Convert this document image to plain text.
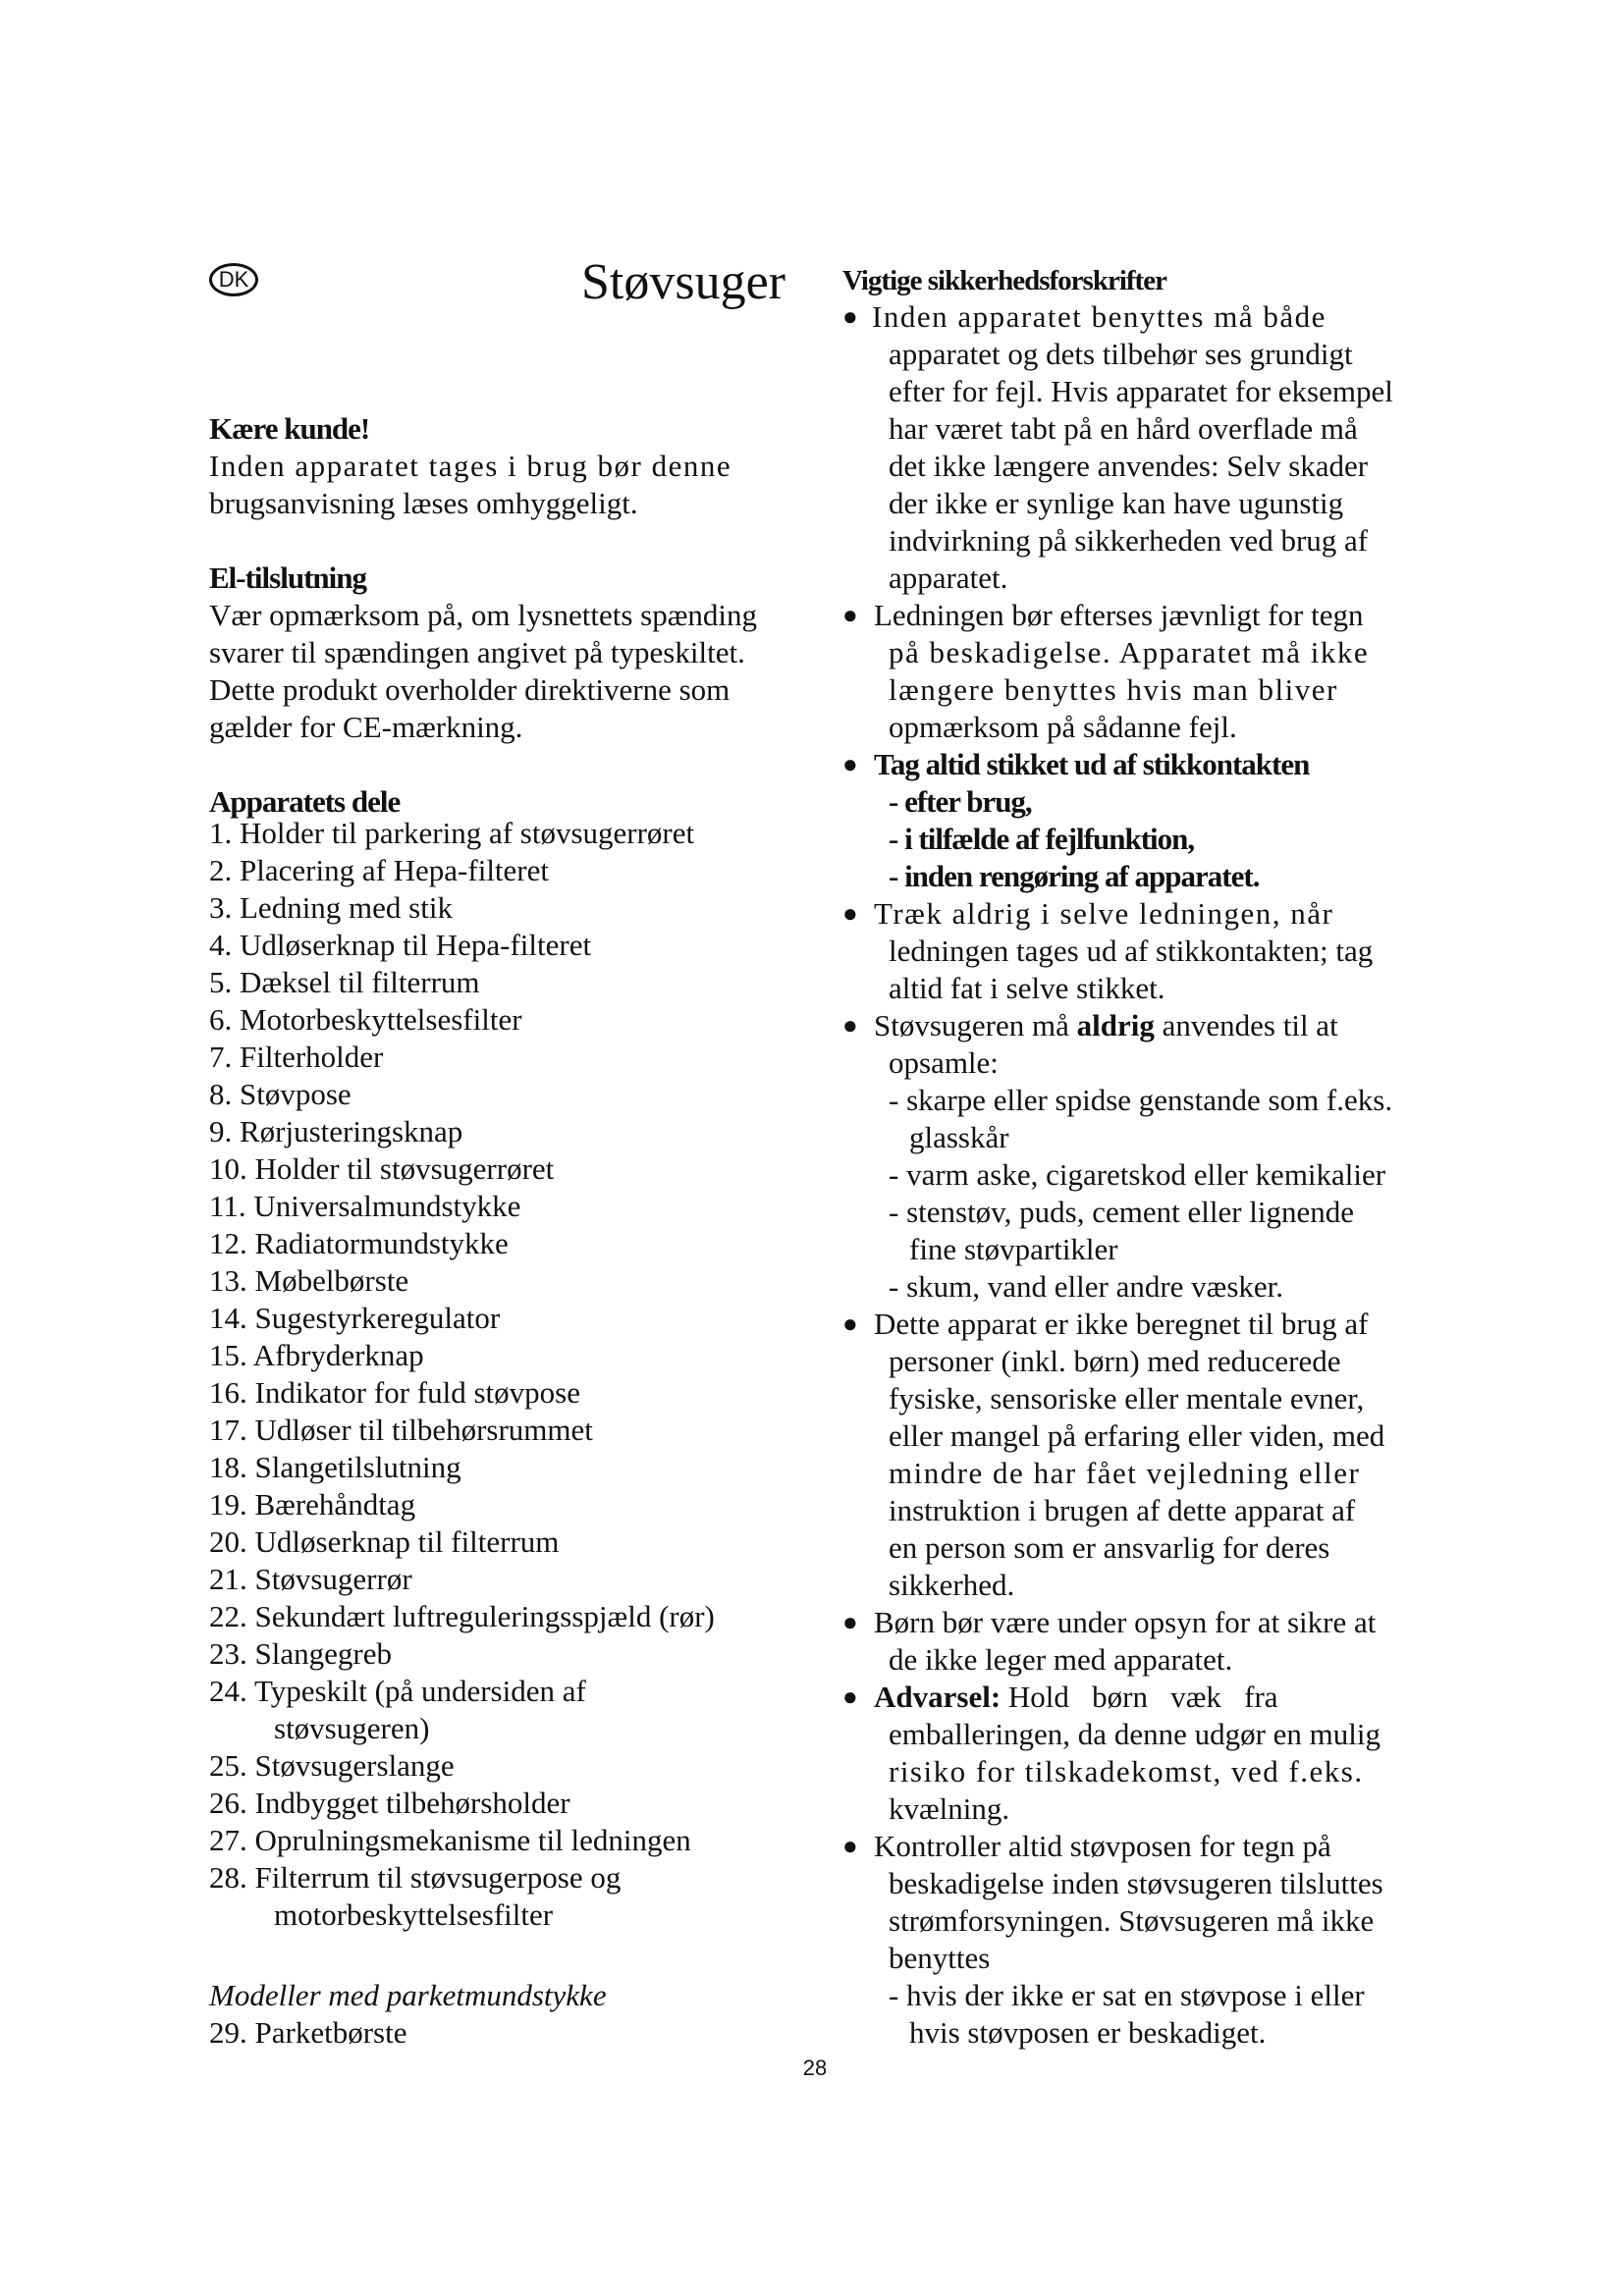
DK	Støvsuger

Kære kunde!

Inden apparatet tages i brug bør denne

brugsanvisning læses omhyggeligt.

El-tilslutning

Vær opmærksom på, om lysnettets spænding

svarer til spændingen angivet på typeskiltet.

Dette produkt overholder direktiverne som

gælder for CE-mærkning.

Apparatets dele

1. Holder til parkering af støvsugerrøret
2. Placering af Hepa-filteret
3. Ledning med stik
4. Udløserknap til Hepa-filteret
5. Dæksel til filterrum
6. Motorbeskyttelsesfilter
7. Filterholder
8. Støvpose
9. Rørjusteringsknap
10. Holder til støvsugerrøret
11. Universalmundstykke
12. Radiatormundstykke
13. Møbelbørste
14. Sugestyrkeregulator
15. Afbryderknap
16. Indikator for fuld støvpose
17. Udløser til tilbehørsrummet
18. Slangetilslutning
19. Bærehåndtag
20. Udløserknap til filterrum
21. Støvsugerrør
22. Sekundært luftreguleringsspjæld (rør)
23. Slangegreb
24. Typeskilt (på undersiden af
støvsugeren)
25. Støvsugerslange
26. Indbygget tilbehørsholder
27. Oprulningsmekanisme til ledningen
28. Filterrum til støvsugerpose og
motorbeskyttelsesfilter

Modeller med parketmundstykke

29. Parketbørste

Vigtige sikkerhedsforskrifter

● Inden apparatet benyttes må både

apparatet og dets tilbehør ses grundigt

efter for fejl. Hvis apparatet for eksempel

har været tabt på en hård overflade må

det ikke længere anvendes: Selv skader

der ikke er synlige kan have ugunstig

indvirkning på sikkerheden ved brug af

apparatet.

● Ledningen bør efterses jævnligt for tegn

på beskadigelse. Apparatet må ikke

længere benyttes hvis man bliver

opmærksom på sådanne fejl.

● Tag altid stikket ud af stikkontakten

- efter brug,

- i tilfælde af fejlfunktion,

- inden rengøring af apparatet.

● Træk aldrig i selve ledningen, når

ledningen tages ud af stikkontakten; tag

altid fat i selve stikket.

● Støvsugeren må aldrig anvendes til at

opsamle:

- skarpe eller spidse genstande som f.eks.

glasskår

- varm aske, cigaretskod eller kemikalier

- stenstøv, puds, cement eller lignende

fine støvpartikler

- skum, vand eller andre væsker.

● Dette apparat er ikke beregnet til brug af

personer (inkl. børn) med reducerede

fysiske, sensoriske eller mentale evner,

eller mangel på erfaring eller viden, med

mindre de har fået vejledning eller

instruktion i brugen af dette apparat af

en person som er ansvarlig for deres

sikkerhed.

● Børn bør være under opsyn for at sikre at

de ikke leger med apparatet.

● Advarsel: Hold   børn   væk   fra

emballeringen, da denne udgør en mulig

risiko for tilskadekomst, ved f.eks.

kvælning.

● Kontroller altid støvposen for tegn på

beskadigelse inden støvsugeren tilsluttes

strømforsyningen. Støvsugeren må ikke

benyttes

- hvis der ikke er sat en støvpose i eller

hvis støvposen er beskadiget.

28
